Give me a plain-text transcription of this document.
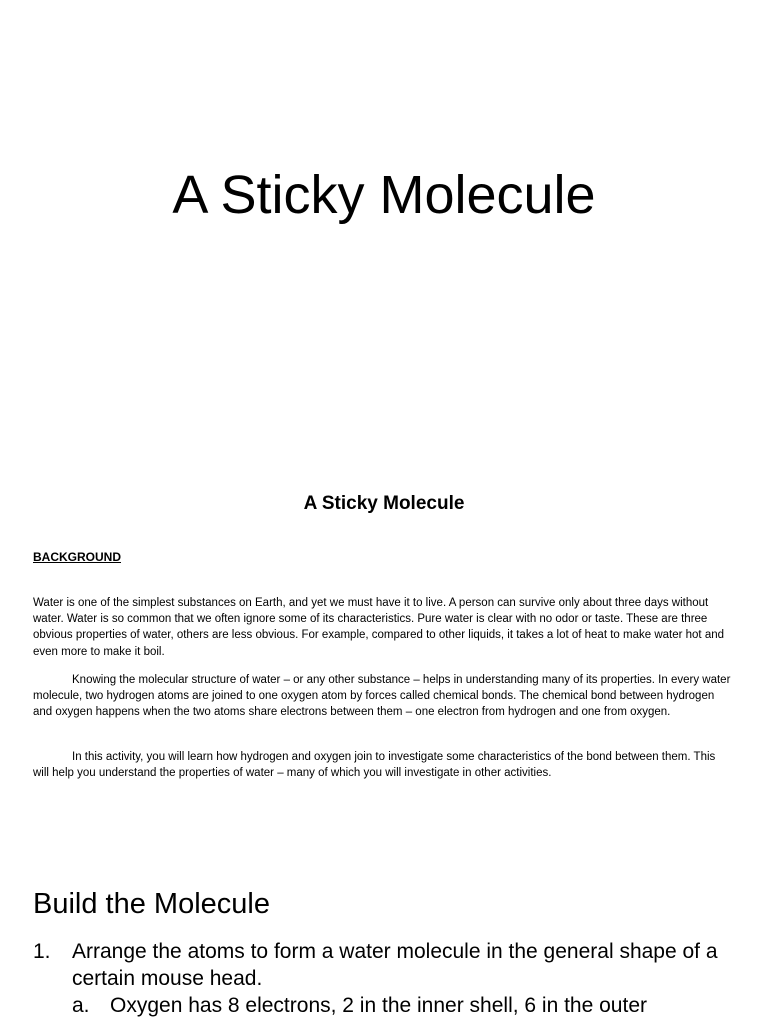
A Sticky Molecule
A Sticky Molecule
BACKGROUND

Water is one of the simplest substances on Earth, and yet we must have it to live. A person can survive only about three days without water. Water is so common that we often ignore some of its characteristics. Pure water is clear with no odor or taste. These are three obvious properties of water, others are less obvious. For example, compared to other liquids, it takes a lot of heat to make water hot and even more to make it boil.

Knowing the molecular structure of water – or any other substance – helps in understanding many of its properties. In every water molecule, two hydrogen atoms are joined to one oxygen atom by forces called chemical bonds. The chemical bond between hydrogen and oxygen happens when the two atoms share electrons between them – one electron from hydrogen and one from oxygen.

In this activity, you will learn how hydrogen and oxygen join to investigate some characteristics of the bond between them. This will help you understand the properties of water – many of which you will investigate in other activities.

Build the Molecule
1. Arrange the atoms to form a water molecule in the general shape of a certain mouse head.
a. Oxygen has 8 electrons, 2 in the inner shell, 6 in the outer
